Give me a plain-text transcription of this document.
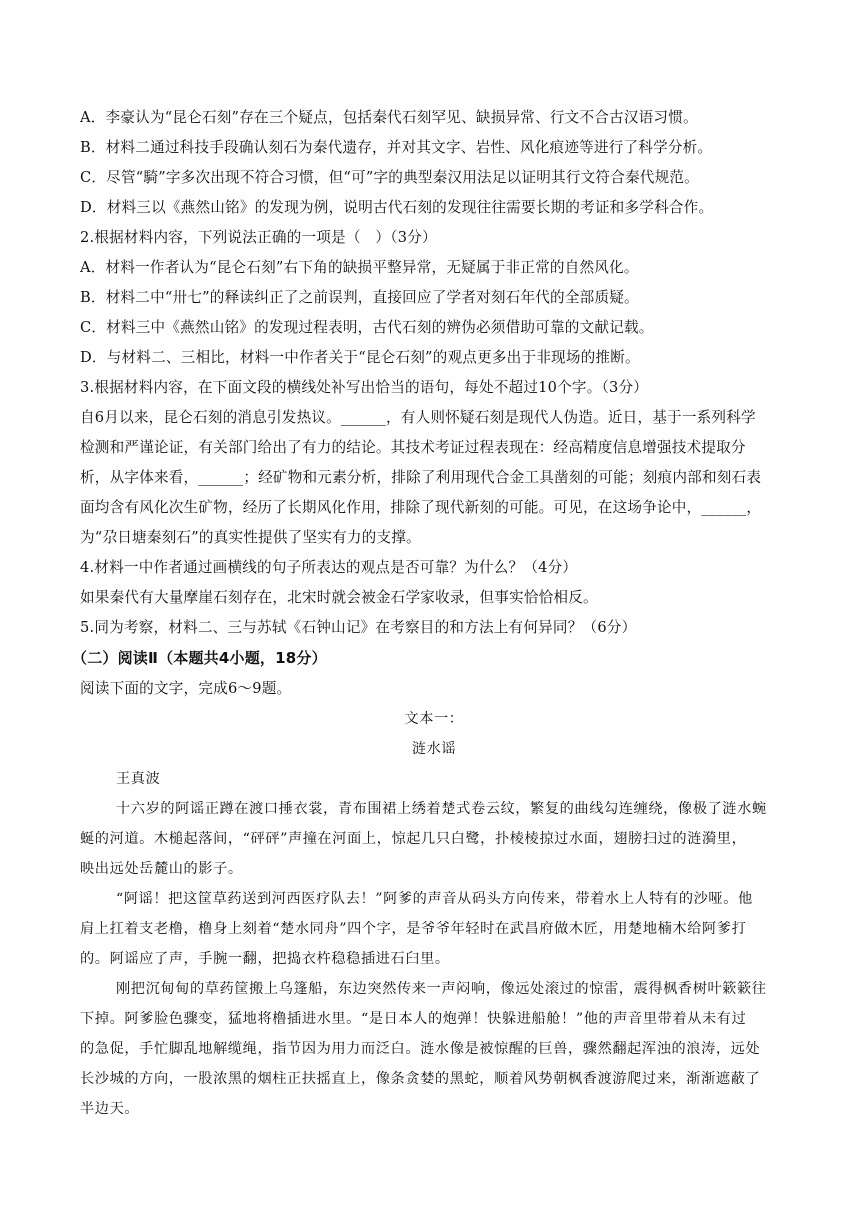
A．李豪认为“昆仑石刻”存在三个疑点，包括秦代石刻罕见、缺损异常、行文不合古汉语习惯。
B．材料二通过科技手段确认刻石为秦代遗存，并对其文字、岩性、风化痕迹等进行了科学分析。
C．尽管“騎”字多次出现不符合习惯，但“可”字的典型秦汉用法足以证明其行文符合秦代规范。
D．材料三以《燕然山铭》的发现为例，说明古代石刻的发现往往需要长期的考证和多学科合作。
2.根据材料内容，下列说法正确的一项是（　）（3分）
A．材料一作者认为“昆仑石刻”右下角的缺损平整异常，无疑属于非正常的自然风化。
B．材料二中“卅七”的释读纠正了之前误判，直接回应了学者对刻石年代的全部质疑。
C．材料三中《燕然山铭》的发现过程表明，古代石刻的辨伪必须借助可靠的文献记载。
D．与材料二、三相比，材料一中作者关于“昆仑石刻”的观点更多出于非现场的推断。
3.根据材料内容，在下面文段的横线处补写出恰当的语句，每处不超过10个字。（3分）
自6月以来，昆仑石刻的消息引发热议。______，有人则怀疑石刻是现代人伪造。近日，基于一系列科学
检测和严谨论证，有关部门给出了有力的结论。其技术考证过程表现在：经高精度信息增强技术提取分
析，从字体来看，______；经矿物和元素分析，排除了利用现代合金工具凿刻的可能；刻痕内部和刻石表
面均含有风化次生矿物，经历了长期风化作用，排除了现代新刻的可能。可见，在这场争论中，______，
为“尕日塘秦刻石”的真实性提供了坚实有力的支撑。
4.材料一中作者通过画横线的句子所表达的观点是否可靠？为什么？（4分）
如果秦代有大量摩崖石刻存在，北宋时就会被金石学家收录，但事实恰恰相反。
5.同为考察，材料二、三与苏轼《石钟山记》在考察目的和方法上有何异同？（6分）
（二）阅读Ⅱ（本题共4小题，18分）
阅读下面的文字，完成6～9题。
文本一：
涟水谣
王真波
十六岁的阿谣正蹲在渡口捶衣裳，青布围裙上绣着楚式卷云纹，繁复的曲线勾连缠绕，像极了涟水蜿
蜒的河道。木槌起落间，“砰砰”声撞在河面上，惊起几只白鹭，扑棱棱掠过水面，翅膀扫过的涟漪里，
映出远处岳麓山的影子。
“阿谣！把这筐草药送到河西医疗队去！”阿爹的声音从码头方向传来，带着水上人特有的沙哑。他
肩上扛着支老橹，橹身上刻着“楚水同舟”四个字，是爷爷年轻时在武昌府做木匠，用楚地楠木给阿爹打
的。阿谣应了声，手腕一翻，把捣衣杵稳稳插进石臼里。
刚把沉甸甸的草药筐搬上乌篷船，东边突然传来一声闷响，像远处滚过的惊雷，震得枫香树叶簌簌往
下掉。阿爹脸色骤变，猛地将橹插进水里。“是日本人的炮弹！快躲进船舱！”他的声音里带着从未有过
的急促，手忙脚乱地解缆绳，指节因为用力而泛白。涟水像是被惊醒的巨兽，骤然翻起浑浊的浪涛，远处
长沙城的方向，一股浓黑的烟柱正扶摇直上，像条贪婪的黑蛇，顺着风势朝枫香渡游爬过来，渐渐遮蔽了
半边天。
